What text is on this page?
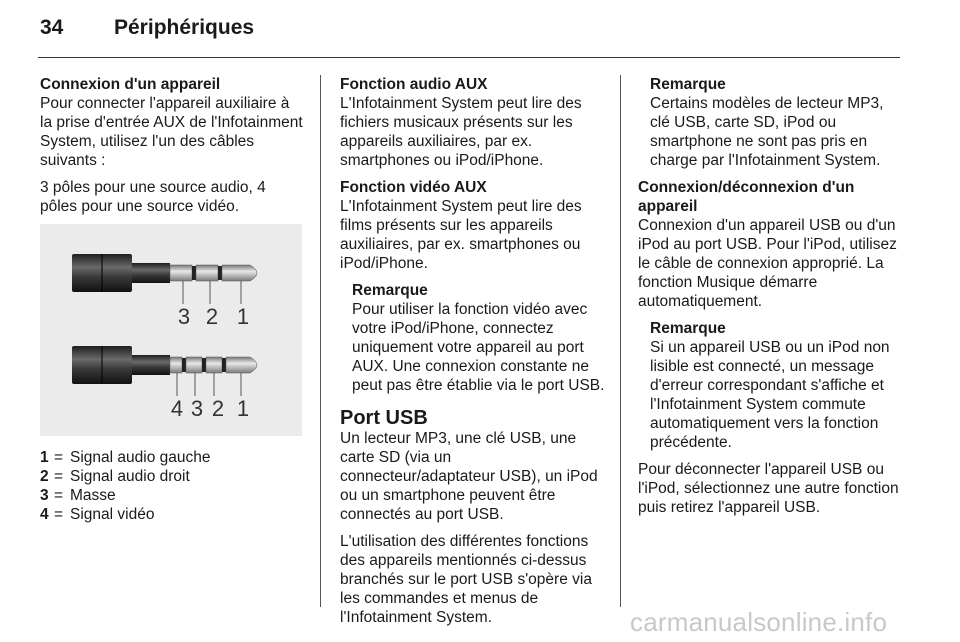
34	Périphériques
Connexion d'un appareil

Pour connecter l'appareil auxiliaire à la prise d'entrée AUX de l'Infotainment System, utilisez l'un des câbles suivants :

3 pôles pour une source audio, 4 pôles pour une source vidéo.

3 2 1
4 3 2 1
1 = Signal audio gauche
2 = Signal audio droit
3 = Masse
4 = Signal vidéo
Fonction audio AUX

L'Infotainment System peut lire des fichiers musicaux présents sur les appareils auxiliaires, par ex. smartphones ou iPod/iPhone.

Fonction vidéo AUX

L'Infotainment System peut lire des films présents sur les appareils auxiliaires, par ex. smartphones ou iPod/iPhone.

Remarque
Pour utiliser la fonction vidéo avec votre iPod/iPhone, connectez uniquement votre appareil au port AUX. Une connexion constante ne peut pas être établie via le port USB.
Port USB

Un lecteur MP3, une clé USB, une carte SD (via un connecteur/adaptateur USB), un iPod ou un smartphone peuvent être connectés au port USB.

L'utilisation des différentes fonctions des appareils mentionnés ci-dessus branchés sur le port USB s'opère via les commandes et menus de l'Infotainment System.

Remarque
Certains modèles de lecteur MP3, clé USB, carte SD, iPod ou smartphone ne sont pas pris en charge par l'Infotainment System.
Connexion/déconnexion d'un appareil

Connexion d'un appareil USB ou d'un iPod au port USB. Pour l'iPod, utilisez le câble de connexion approprié. La fonction Musique démarre automatiquement.

Remarque
Si un appareil USB ou un iPod non lisible est connecté, un message d'erreur correspondant s'affiche et l'Infotainment System commute automatiquement vers la fonction précédente.

Pour déconnecter l'appareil USB ou l'iPod, sélectionnez une autre fonction puis retirez l'appareil USB.

carmanualsonline.info
